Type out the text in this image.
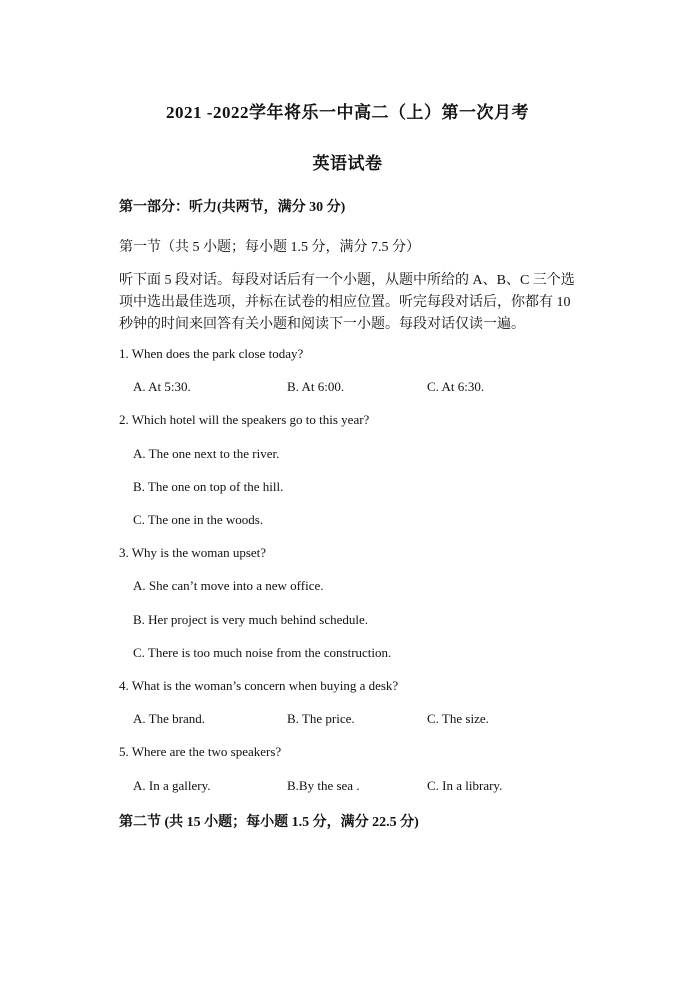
2021 -2022学年将乐一中高二（上）第一次月考
英语试卷
第一部分：听力(共两节，满分 30 分)
第一节（共 5 小题；每小题 1.5 分，满分 7.5 分）
听下面 5 段对话。每段对话后有一个小题，从题中所给的 A、B、C 三个选
项中选出最佳选项，并标在试卷的相应位置。听完每段对话后，你都有 10
秒钟的时间来回答有关小题和阅读下一小题。每段对话仅读一遍。
1. When does the park close today?
A. At 5:30.	B. At 6:00.	C. At 6:30.
2. Which hotel will the speakers go to this year?
A. The one next to the river.
B. The one on top of the hill.
C. The one in the woods.
3. Why is the woman upset?
A. She can’t move into a new office.
B. Her project is very much behind schedule.
C. There is too much noise from the construction.
4. What is the woman’s concern when buying a desk?
A. The brand.	B. The price.	C. The size.
5. Where are the two speakers?
A. In a gallery.	B.By the sea .	C. In a library.
第二节 (共 15 小题；每小题 1.5 分，满分 22.5 分)
